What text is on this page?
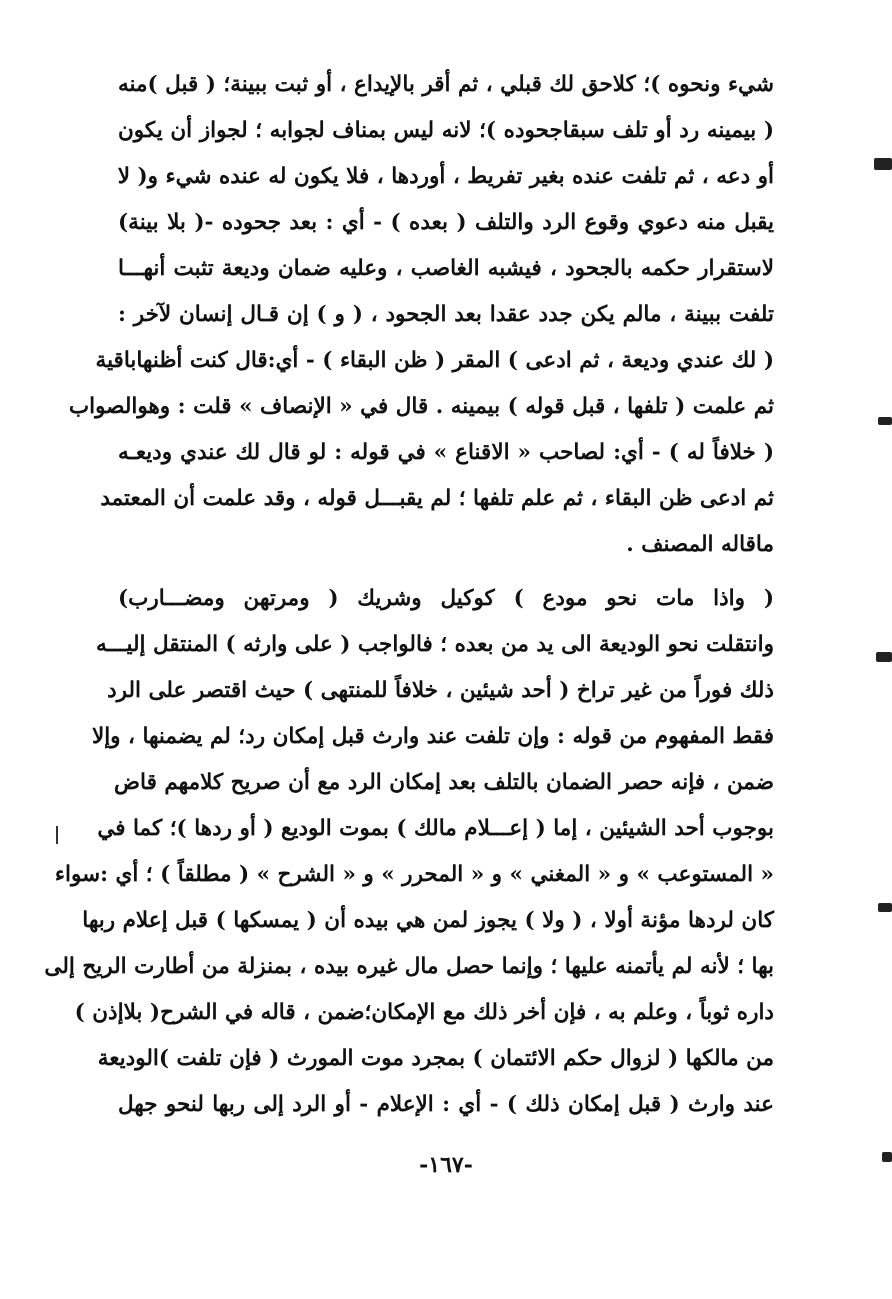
شيء ونحوه )؛ كلاحق لك قبلي ، ثم أقر بالإيداع ، أو ثبت ببينة؛ ( قبل )منه
( بيمينه رد أو تلف سبقاجحوده )؛ لانه ليس بمناف لجوابه ؛ لجواز أن يكون
أو دعه ، ثم تلفت عنده بغير تفريط ، أوردها ، فلا يكون له عنده شيء و( لا
يقبل منه دعوي وقوع الرد والتلف ( بعده ) - أي : بعد جحوده -( بلا بينة)
لاستقرار حكمه بالجحود ، فيشبه الغاصب ، وعليه ضمان وديعة تثبت أنهـــا
تلفت ببينة ، مالم يكن جدد عقدا بعد الجحود ، ( و ) إن قـال إنسان لآخر :
( لك عندي وديعة ، ثم ادعى ) المقر ( ظن البقاء ) - أي:قال كنت أظنهاباقية
ثم علمت ( تلفها ، قبل قوله ) بيمينه . قال في « الإنصاف » قلت : وهوالصواب
( خلافاً له ) - أي: لصاحب « الاقناع » في قوله : لو قال لك عندي وديعـه
ثم ادعى ظن البقاء ، ثم علم تلفها ؛ لم يقبـــل قوله ، وقد علمت أن المعتمد
ماقاله المصنف .
( واذا مات نحو مودع ) كوكيل وشريك ( ومرتهن ومضـــارب)
وانتقلت نحو الوديعة الى يد من بعده ؛ فالواجب ( على وارثه ) المنتقل إليـــه
ذلك فوراً من غير تراخ ( أحد شيئين ، خلافاً للمنتهى ) حيث اقتصر على الرد
فقط المفهوم من قوله : وإن تلفت عند وارث قبل إمكان رد؛ لم يضمنها ، وإلا
ضمن ، فإنه حصر الضمان بالتلف بعد إمكان الرد مع أن صريح كلامهم قاض
بوجوب أحد الشيئين ، إما ( إعـــلام مالك ) بموت الوديع ( أو ردها )؛ كما في
« المستوعب » و « المغني » و « المحرر » و « الشرح » ( مطلقاً ) ؛ أي :سواء
كان لردها مؤنة أولا ، ( ولا ) يجوز لمن هي بيده أن ( يمسكها ) قبل إعلام ربها
بها ؛ لأنه لم يأتمنه عليها ؛ وإنما حصل مال غيره بيده ، بمنزلة من أطارت الريح إلى
داره ثوباً ، وعلم به ، فإن أخر ذلك مع الإمكان؛ضمن ، قاله في الشرح( بلاإذن )
من مالكها ( لزوال حكم الائتمان ) بمجرد موت المورث ( فإن تلفت )الوديعة
عند وارث ( قبل إمكان ذلك ) - أي : الإعلام - أو الرد إلى ربها لنحو جهل
-١٦٧-
